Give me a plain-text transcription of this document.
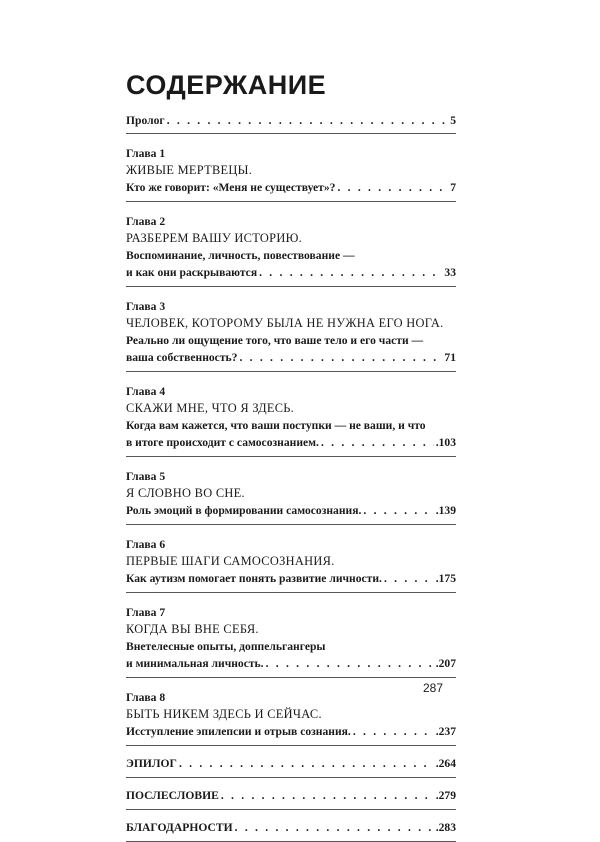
СОДЕРЖАНИЕ
Пролог . . .	5
Глава 1
ЖИВЫЕ МЕРТВЕЦЫ.
Кто же говорит: «Меня не существует»? . . .	7
Глава 2
РАЗБЕРЕМ ВАШУ ИСТОРИЮ.
Воспоминание, личность, повествование —
и как они раскрываются . . .	33
Глава 3
ЧЕЛОВЕК, КОТОРОМУ БЫЛА НЕ НУЖНА ЕГО НОГА.
Реально ли ощущение того, что ваше тело и его части —
ваша собственность? . . .	71
Глава 4
СКАЖИ МНЕ, ЧТО Я ЗДЕСЬ.
Когда вам кажется, что ваши поступки — не ваши, и что
в итоге происходит с самосознанием. . . .	.103
Глава 5
Я СЛОВНО ВО СНЕ.
Роль эмоций в формировании самосознания. . . .	.139
Глава 6
ПЕРВЫЕ ШАГИ САМОСОЗНАНИЯ.
Как аутизм помогает понять развитие личности. . . .	.175
Глава 7
КОГДА ВЫ ВНЕ СЕБЯ.
Внетелесные опыты, доппельгангеры
и минимальная личность. . . .	.207
Глава 8
БЫТЬ НИКЕМ ЗДЕСЬ И СЕЙЧАС.
Исступление эпилепсии и отрыв сознания. . . .	.237
ЭПИЛОГ . . .	.264
ПОСЛЕСЛОВИЕ . . .	.279
БЛАГОДАРНОСТИ . . .	.283
287
